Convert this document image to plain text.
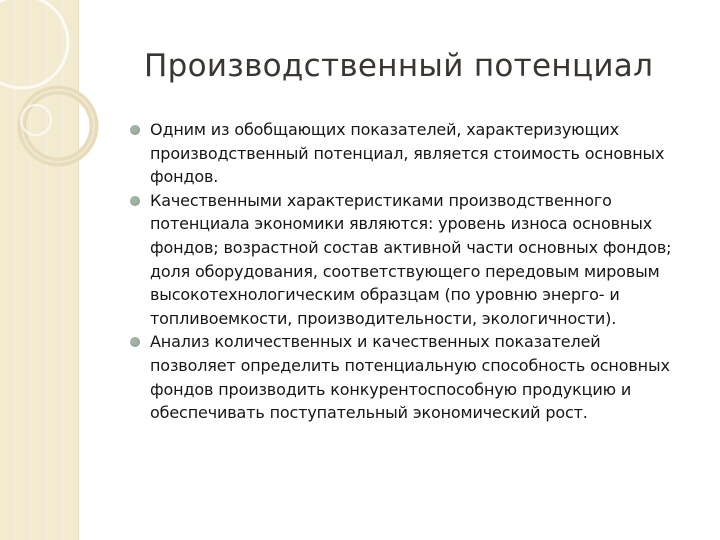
Производственный потенциал
Одним из обобщающих показателей, характеризующих
производственный потенциал, является стоимость основных
фондов.
Качественными характеристиками производственного
потенциала экономики являются: уровень износа основных
фондов; возрастной состав активной части основных фондов;
доля оборудования, соответствующего передовым мировым
высокотехнологическим образцам (по уровню энерго- и
топливоемкости, производительности, экологичности).
Анализ количественных и качественных показателей
позволяет определить потенциальную способность основных
фондов производить конкурентоспособную продукцию и
обеспечивать поступательный экономический рост.
